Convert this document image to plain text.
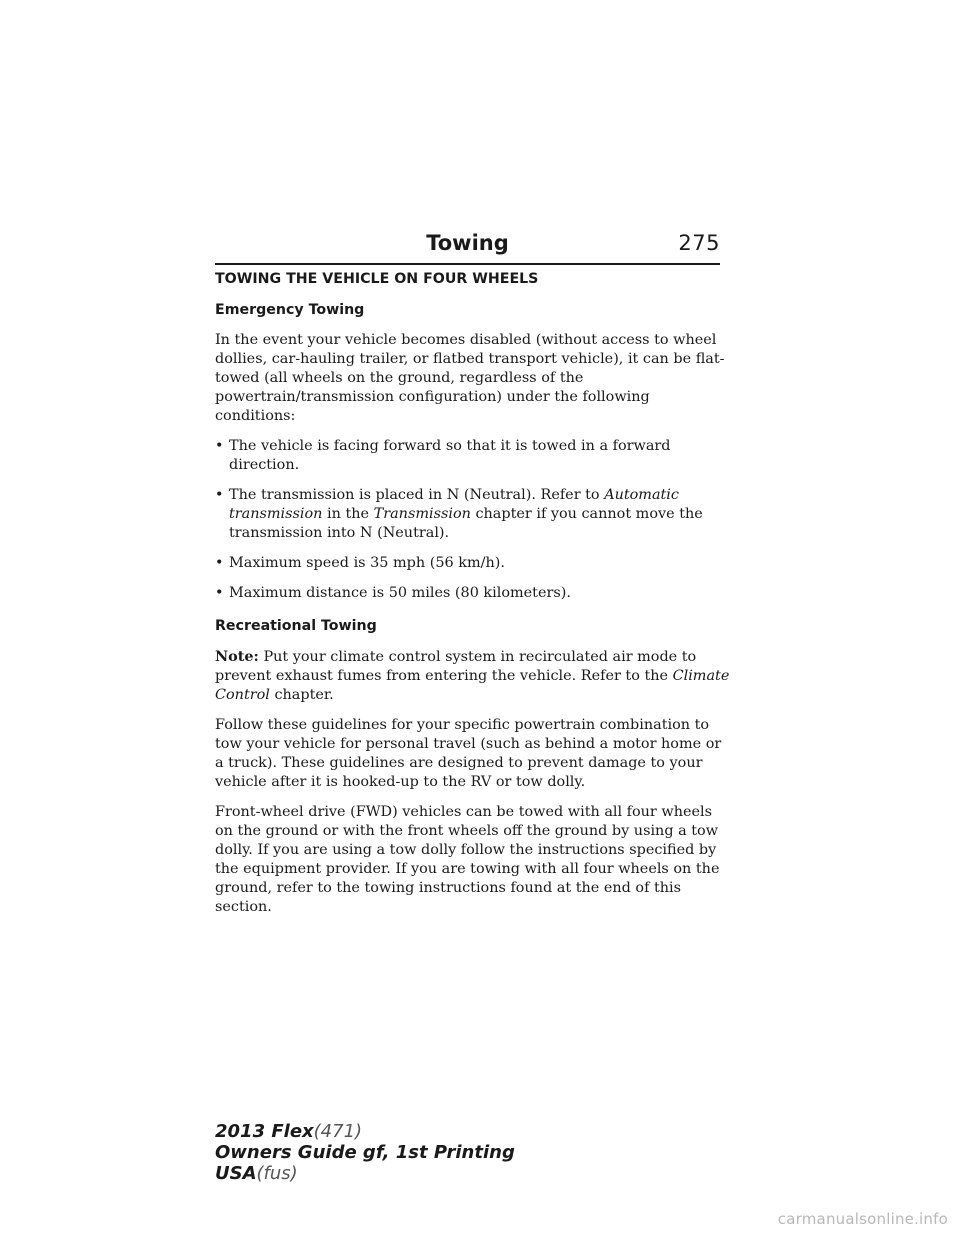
Towing	275
TOWING THE VEHICLE ON FOUR WHEELS
Emergency Towing

In the event your vehicle becomes disabled (without access to wheel dollies, car-hauling trailer, or flatbed transport vehicle), it can be flat-towed (all wheels on the ground, regardless of the powertrain/transmission configuration) under the following conditions:

• The vehicle is facing forward so that it is towed in a forward direction.
• The transmission is placed in N (Neutral). Refer to Automatic transmission in the Transmission chapter if you cannot move the transmission into N (Neutral).
• Maximum speed is 35 mph (56 km/h).
• Maximum distance is 50 miles (80 kilometers).
Recreational Towing

Note: Put your climate control system in recirculated air mode to prevent exhaust fumes from entering the vehicle. Refer to the Climate Control chapter.

Follow these guidelines for your specific powertrain combination to tow your vehicle for personal travel (such as behind a motor home or a truck). These guidelines are designed to prevent damage to your vehicle after it is hooked-up to the RV or tow dolly.

Front-wheel drive (FWD) vehicles can be towed with all four wheels on the ground or with the front wheels off the ground by using a tow dolly. If you are using a tow dolly follow the instructions specified by the equipment provider. If you are towing with all four wheels on the ground, refer to the towing instructions found at the end of this section.

2013 Flex(471)
Owners Guide gf, 1st Printing
USA(fus)
carmanualsonline.info
